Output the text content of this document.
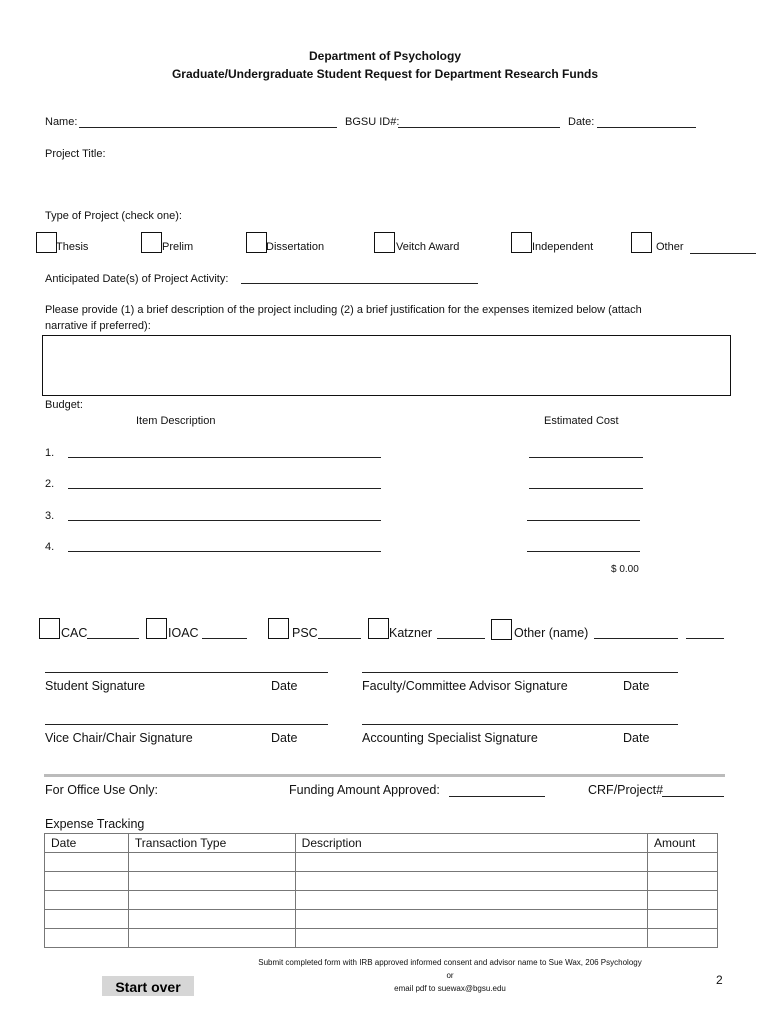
Department of Psychology
Graduate/Undergraduate Student Request for Department Research Funds
Name:	BGSU ID#:	Date:
Project Title:
Type of Project (check one):
Thesis	Prelim	Dissertation	Veitch Award	Independent	Other
Anticipated Date(s) of Project Activity:
Please provide (1) a brief description of the project including (2) a brief justification for the expenses itemized below (attach
narrative if preferred):
Budget:
Item Description	Estimated Cost
1.
2.
3.
4.
$ 0.00
CAC	IOAC	PSC	Katzner	Other (name)
Student Signature	Date	Faculty/Committee Advisor Signature	Date
Vice Chair/Chair Signature	Date	Accounting Specialist Signature	Date
For Office Use Only:	Funding Amount Approved:	CRF/Project#
Expense Tracking
Date	Transaction Type	Description	Amount

Submit completed form with IRB approved informed consent and advisor name to Sue Wax, 206 Psychology
or
email pdf to suewax@bgsu.edu
2
Start over
